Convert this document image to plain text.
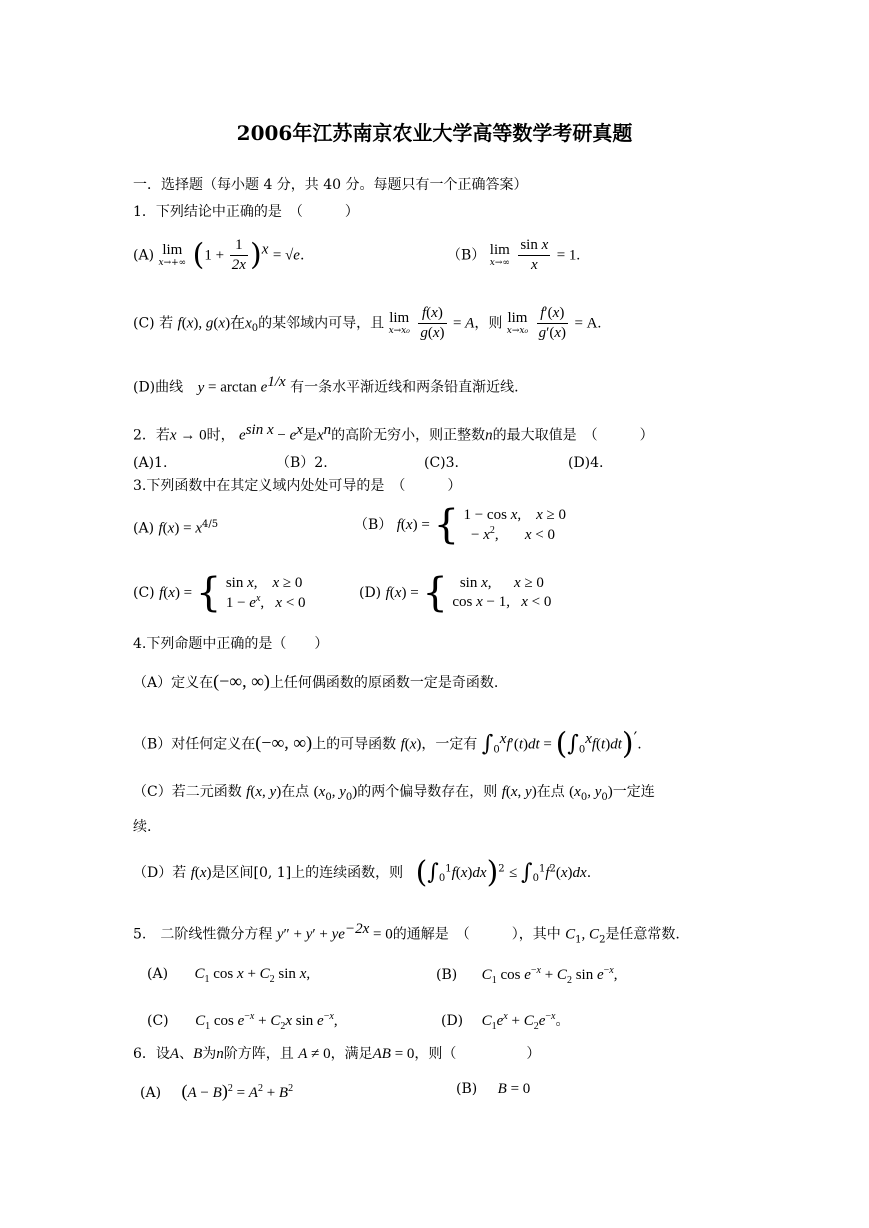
2006年江苏南京农业大学高等数学考研真题
一．选择题（每小题 4 分，共 40 分。每题只有一个正确答案）
1．下列结论中正确的是　（　　　）
(A) lim
x→+∞ $(1 + \frac{1}{2x} )^x = √e$.	（B） lim
x→∞
$\frac{\text{sin x}}{x} = 1$.
(C) 若 f(x), g(x)在$x_0$的某邻域内可导，且 lim
x→x₀
$\frac{f(x)}{g(x)} = A$，则 lim
x→x₀
$\frac{f'(x)}{g'(x)} = A$.
(D)曲线 $y = \arctan e^{1/x}$ 有一条水平渐近线和两条铅直渐近线.
2．若x → 0时， $e^{sin x} - e^x$是$x^n$的高阶无穷小，则正整数n的最大取值是　（　　　）
(A)1.	（B）2.	(C)3.	(D)4.
3.下列函数中在其定义域内处处可导的是　（　　　）
(A) $f(x) = x^{4/5}$	（B） f(x) = { 1 − cos x,    x ≥ 0
− $x^2$,       x < 0
(C) f(x) = { sin x,    x ≥ 0
$1 - e^x$,   x < 0
(D) f(x) = { sin x,      x ≥ 0
cos x − 1,   x < 0
4.下列命题中正确的是（　　）
（A）定义在(−∞, ∞)上任何偶函数的原函数一定是奇函数.
（B）对任何定义在(−∞, ∞)上的可导函数 f(x)，一定有 $\int_0^xf'(t)dt = (\int_0^xf(t)dt)'$.
（C）若二元函数 f(x, y)在点 ($x_0$, $y_0$)的两个偏导数存在，则 f(x, y)在点 ($x_0$, $y_0$)一定连
续.
（D）若 f(x)是区间[0, 1]上的连续函数，则 $(\int_0^1f(x)dx)^2 \le \int_0^1f^2(x)dx$.
5.　二阶线性微分方程 $y'' + y' + ye^{-2x} = 0$的通解是　（　　　），其中 $C_1$, $C_2$是任意常数.
(A) $C_1$ $\cos x + C_2$ sin x,	(B) $C_1$ $\cos e^{-x} + C_2$ $\sin e^{-x}$,
(C) $C_1$ $\cos e^{-x} + C_2x$ $\sin e^{-x}$,	(D) $C_1e^x + C_2e^{-x}$。
6．设A、B为n阶方阵，且 A ≠ 0，满足AB = 0，则（　　　　　）
(A) $(A - B)^2 = A^2 + B^2$	(B) B = 0
